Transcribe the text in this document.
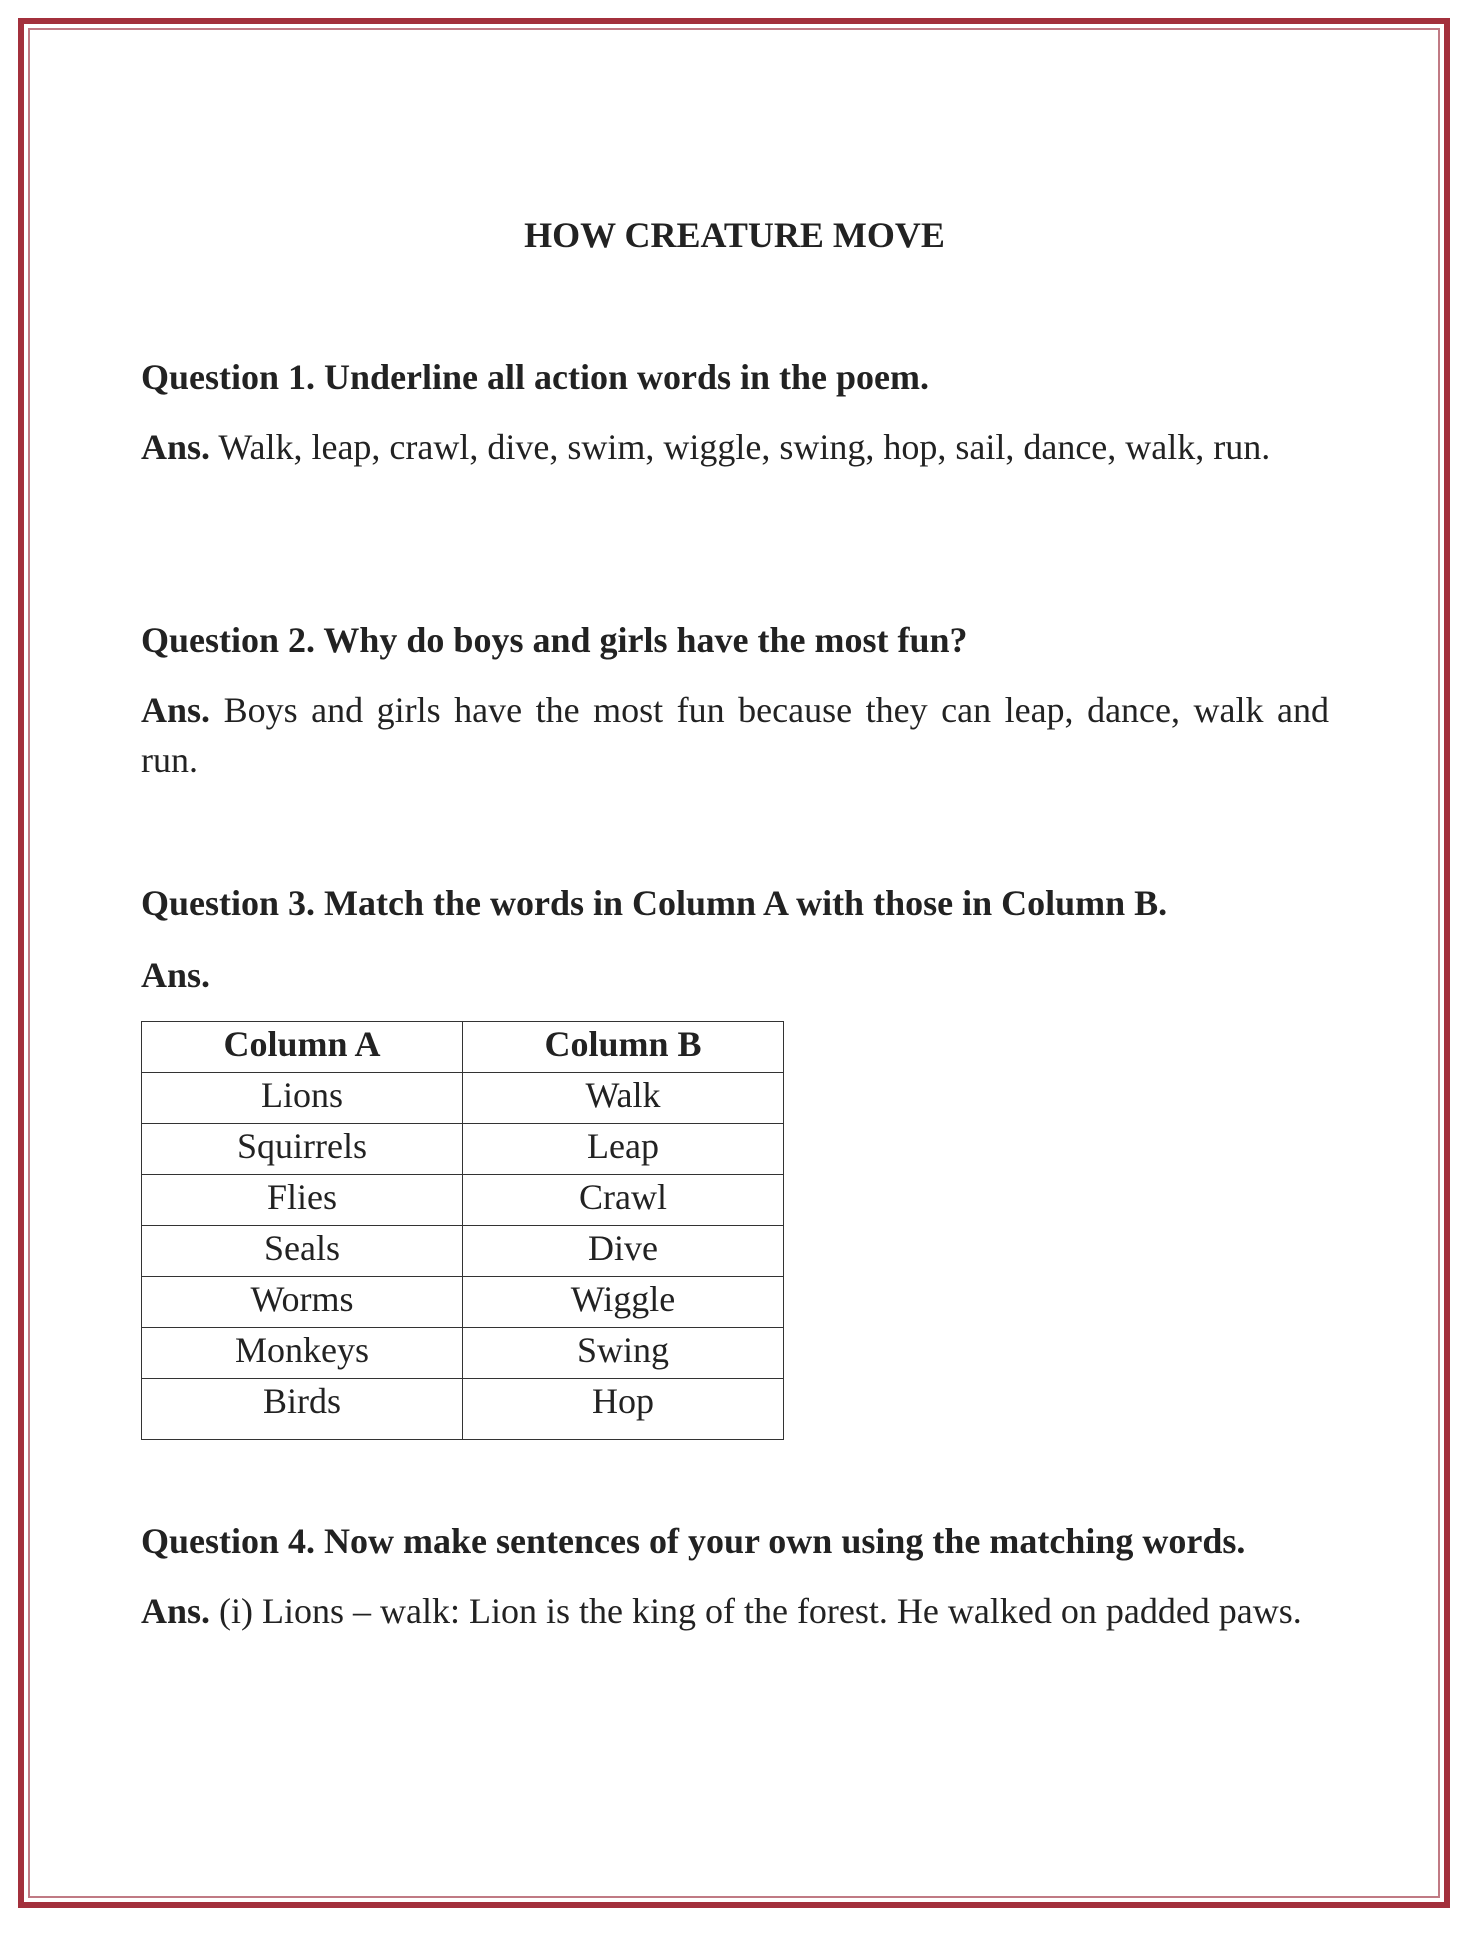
HOW CREATURE MOVE
Question 1. Underline all action words in the poem.
Ans. Walk, leap, crawl, dive, swim, wiggle, swing, hop, sail, dance, walk, run.
Question 2. Why do boys and girls have the most fun?
Ans. Boys and girls have the most fun because they can leap, dance, walk and run.
Question 3. Match the words in Column A with those in Column B.
Ans.
Column A	Column B
Lions	Walk
Squirrels	Leap
Flies	Crawl
Seals	Dive
Worms	Wiggle
Monkeys	Swing
Birds	Hop
Question 4. Now make sentences of your own using the matching words.
Ans. (i) Lions – walk: Lion is the king of the forest. He walked on padded paws.
